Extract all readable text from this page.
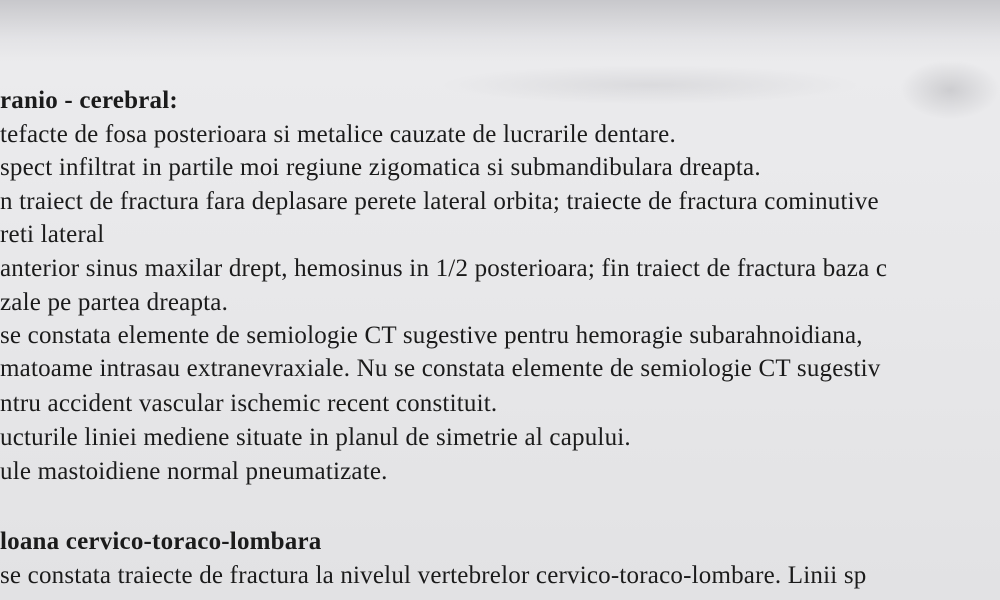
ranio - cerebral:
tefacte de fosa posterioara si metalice cauzate de lucrarile dentare.
spect infiltrat in partile moi regiune zigomatica si submandibulara dreapta.
n traiect de fractura fara deplasare perete lateral orbita; traiecte de fractura cominutive
reti lateral
anterior sinus maxilar drept, hemosinus in 1/2 posterioara; fin traiect de fractura baza c
zale pe partea dreapta.
se constata elemente de semiologie CT sugestive pentru hemoragie subarahnoidiana,
matoame intrasau extranevraxiale. Nu se constata elemente de semiologie CT sugestiv
ntru accident vascular ischemic recent constituit.
ucturile liniei mediene situate in planul de simetrie al capului.
ule mastoidiene normal pneumatizate.
loana cervico-toraco-lombara
se constata traiecte de fractura la nivelul vertebrelor cervico-toraco-lombare. Linii sp
